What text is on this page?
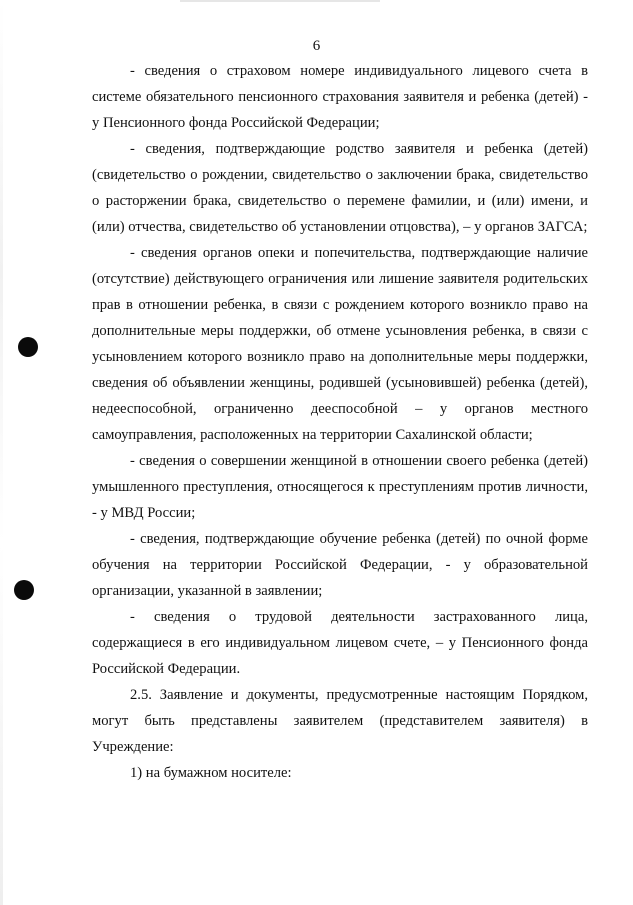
6

- сведения о страховом номере индивидуального лицевого счета в системе обязательного пенсионного страхования заявителя и ребенка (детей) - у Пенсионного фонда Российской Федерации;

- сведения, подтверждающие родство заявителя и ребенка (детей) (свидетельство о рождении, свидетельство о заключении брака, свидетельство о расторжении брака, свидетельство о перемене фамилии, и (или) имени, и (или) отчества, свидетельство об установлении отцовства), – у органов ЗАГСА;

- сведения органов опеки и попечительства, подтверждающие наличие (отсутствие) действующего ограничения или лишение заявителя родительских прав в отношении ребенка, в связи с рождением которого возникло право на дополнительные меры поддержки, об отмене усыновления ребенка, в связи с усыновлением которого возникло право на дополнительные меры поддержки, сведения об объявлении женщины, родившей (усыновившей) ребенка (детей), недееспособной, ограниченно дееспособной – у органов местного самоуправления, расположенных на территории Сахалинской области;

- сведения о совершении женщиной в отношении своего ребенка (детей) умышленного преступления, относящегося к преступлениям против личности, - у МВД России;

- сведения, подтверждающие обучение ребенка (детей) по очной форме обучения на территории Российской Федерации, - у образовательной организации, указанной в заявлении;

- сведения о трудовой деятельности застрахованного лица, содержащиеся в его индивидуальном лицевом счете, – у Пенсионного фонда Российской Федерации.

2.5. Заявление и документы, предусмотренные настоящим Порядком, могут быть представлены заявителем (представителем заявителя) в Учреждение:

1) на бумажном носителе:
